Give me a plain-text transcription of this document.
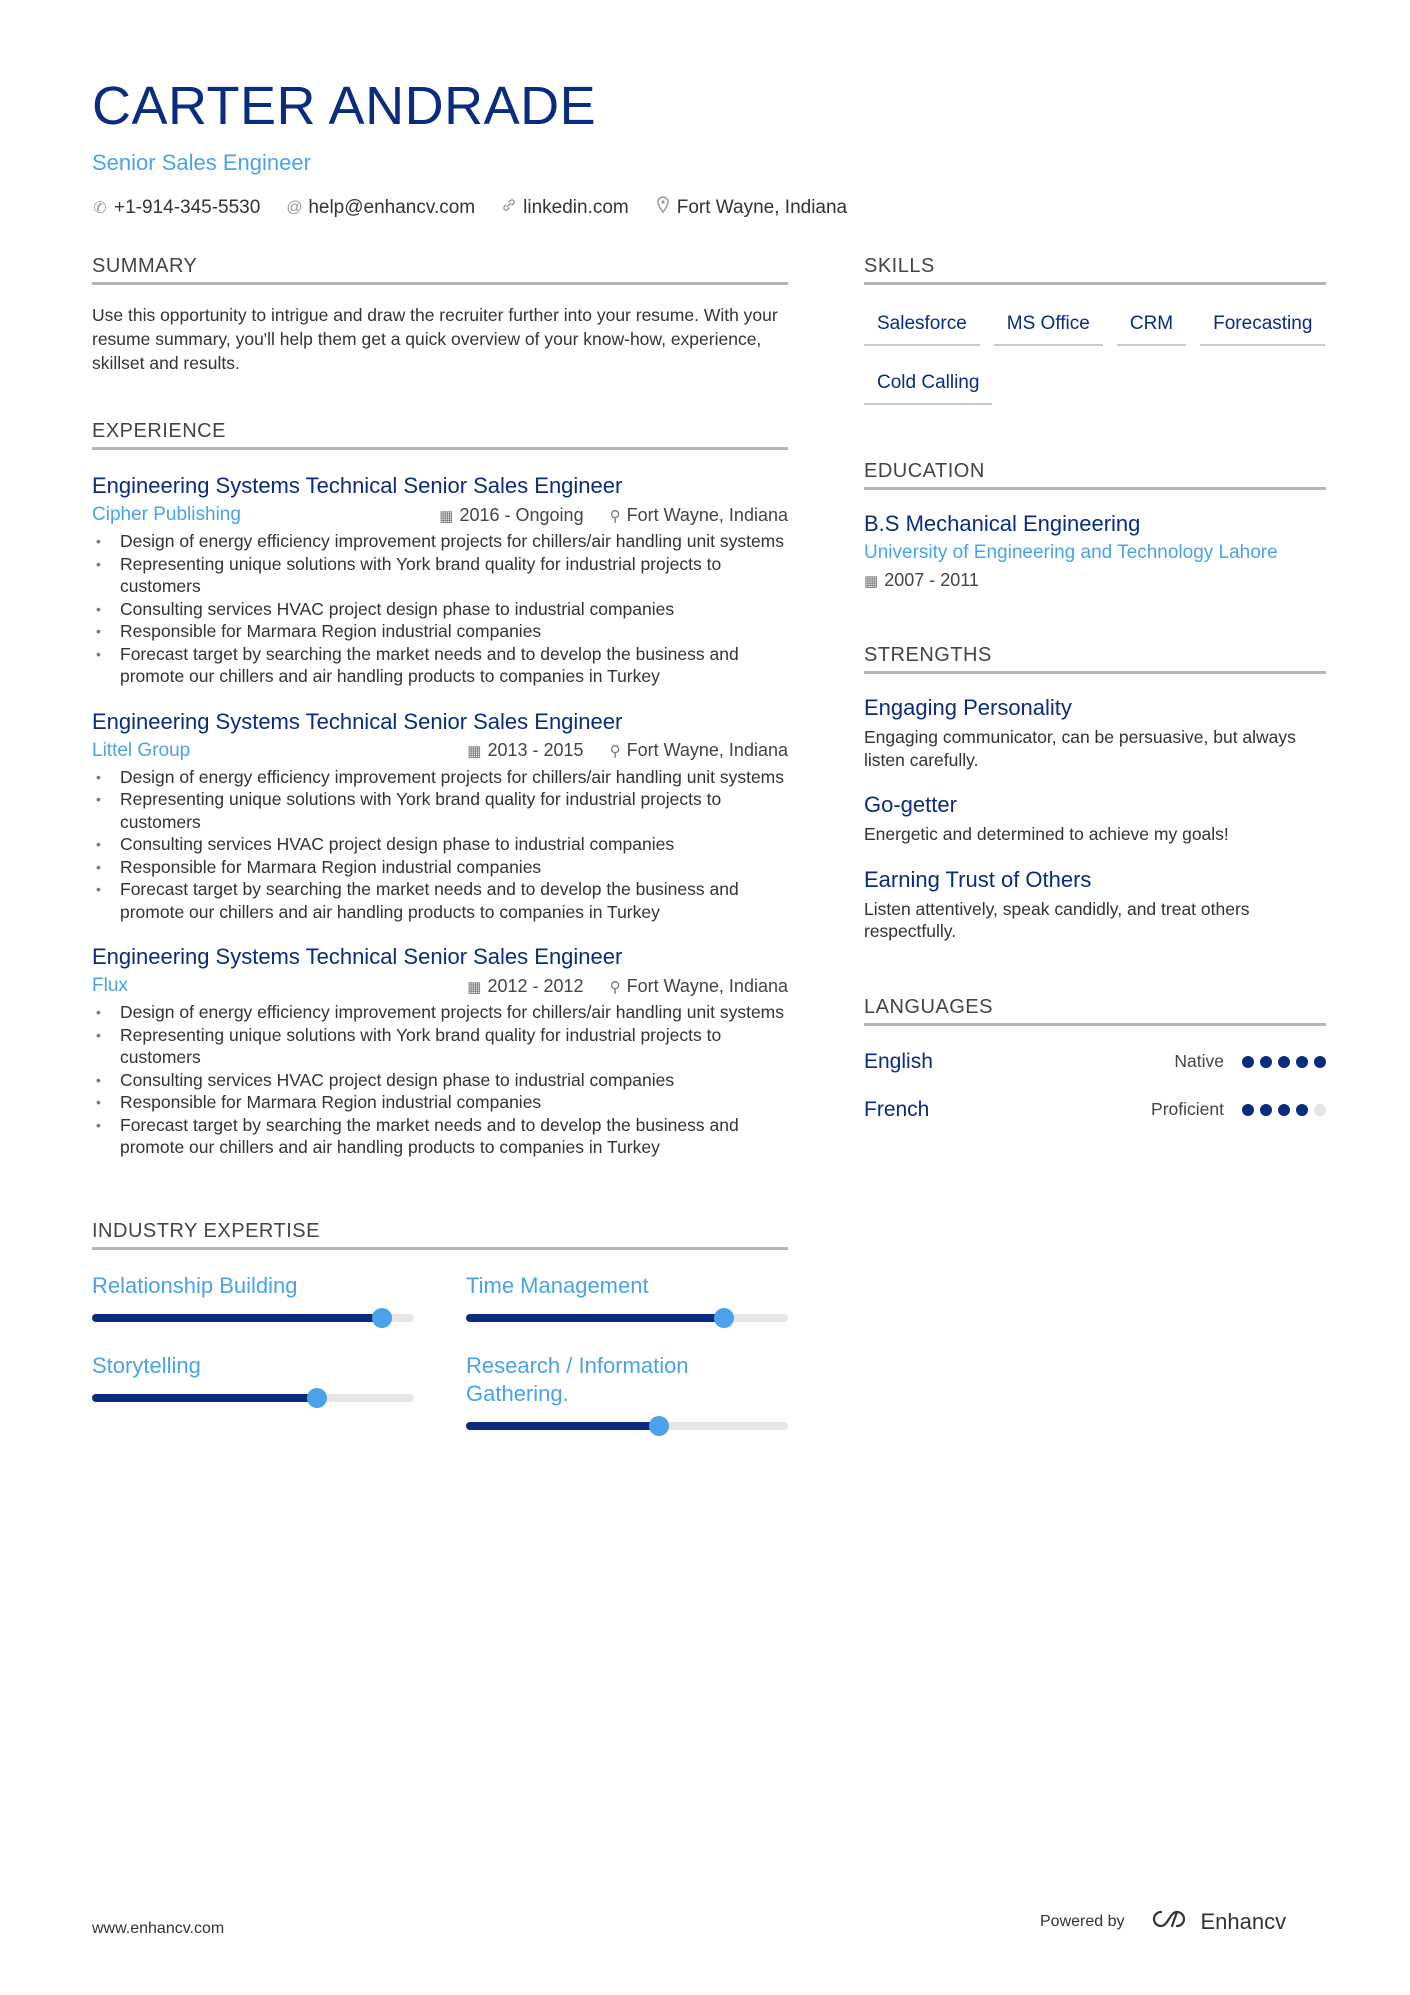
CARTER ANDRADE
Senior Sales Engineer
✆ +1-914-345-5530 @ help@enhancv.com	linkedin.com	Fort Wayne, Indiana
SUMMARY
Use this opportunity to intrigue and draw the recruiter further into your resume. With your resume summary, you'll help them get a quick overview of your know-how, experience, skillset and results.
EXPERIENCE
Engineering Systems Technical Senior Sales Engineer
Cipher Publishing	▦ 2016 - Ongoing ⚲ Fort Wayne, Indiana
• Design of energy efficiency improvement projects for chillers/air handling unit systems
• Representing unique solutions with York brand quality for industrial projects to customers
• Consulting services HVAC project design phase to industrial companies
• Responsible for Marmara Region industrial companies
• Forecast target by searching the market needs and to develop the business and promote our chillers and air handling products to companies in Turkey
Engineering Systems Technical Senior Sales Engineer
Littel Group	▦ 2013 - 2015 ⚲ Fort Wayne, Indiana
• Design of energy efficiency improvement projects for chillers/air handling unit systems
• Representing unique solutions with York brand quality for industrial projects to customers
• Consulting services HVAC project design phase to industrial companies
• Responsible for Marmara Region industrial companies
• Forecast target by searching the market needs and to develop the business and promote our chillers and air handling products to companies in Turkey
Engineering Systems Technical Senior Sales Engineer
Flux	▦ 2012 - 2012 ⚲ Fort Wayne, Indiana
• Design of energy efficiency improvement projects for chillers/air handling unit systems
• Representing unique solutions with York brand quality for industrial projects to customers
• Consulting services HVAC project design phase to industrial companies
• Responsible for Marmara Region industrial companies
• Forecast target by searching the market needs and to develop the business and promote our chillers and air handling products to companies in Turkey
INDUSTRY EXPERTISE
Relationship Building	Time Management
Storytelling	Research / Information Gathering.
SKILLS
Salesforce	MS Office	CRM	Forecasting
Cold Calling
EDUCATION
B.S Mechanical Engineering
University of Engineering and Technology Lahore
▦ 2007 - 2011
STRENGTHS
Engaging Personality
Engaging communicator, can be persuasive, but always listen carefully.
Go-getter
Energetic and determined to achieve my goals!
Earning Trust of Others
Listen attentively, speak candidly, and treat others respectfully.
LANGUAGES
English	Native
French	Proficient
www.enhancv.com	Powered by	Enhancv
